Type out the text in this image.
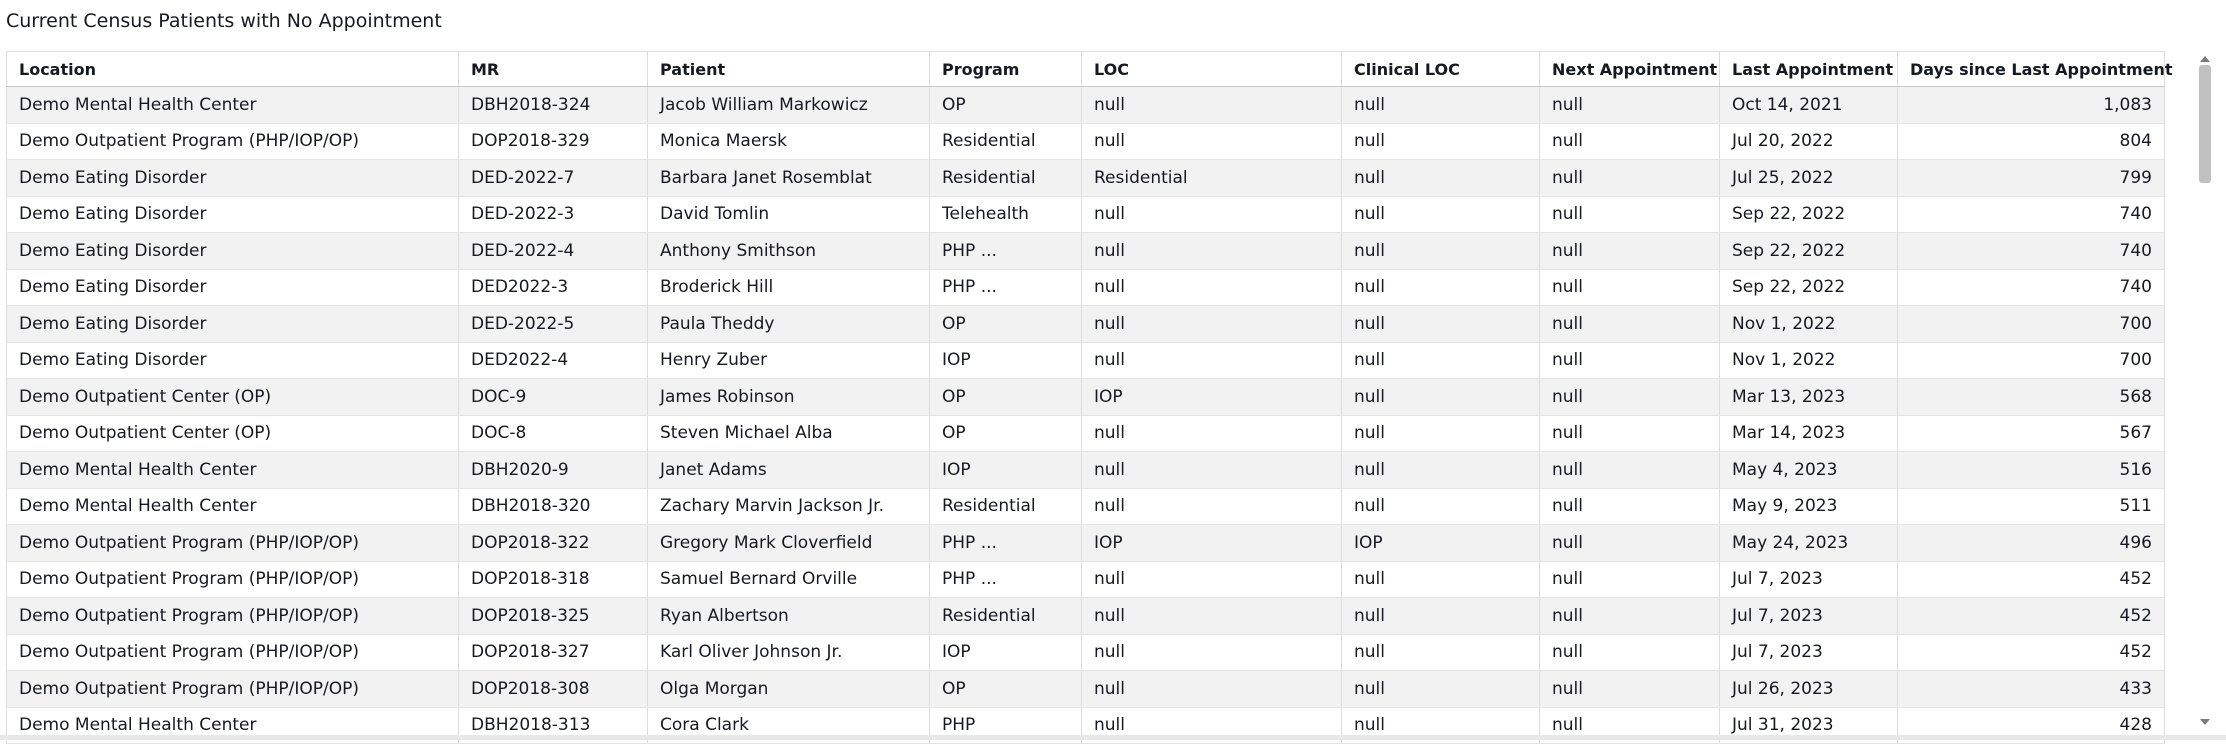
Current Census Patients with No Appointment
Location	MR	Patient	Program	LOC	Clinical LOC	Next Appointment	Last Appointment	Days since Last Appointment
Demo Mental Health Center	DBH2018-324	Jacob William Markowicz	OP	null	null	null	Oct 14, 2021	1,083
Demo Outpatient Program (PHP/IOP/OP)	DOP2018-329	Monica Maersk	Residential	null	null	null	Jul 20, 2022	804
Demo Eating Disorder	DED-2022-7	Barbara Janet Rosemblat	Residential	Residential	null	null	Jul 25, 2022	799
Demo Eating Disorder	DED-2022-3	David Tomlin	Telehealth	null	null	null	Sep 22, 2022	740
Demo Eating Disorder	DED-2022-4	Anthony Smithson	PHP ...	null	null	null	Sep 22, 2022	740
Demo Eating Disorder	DED2022-3	Broderick Hill	PHP ...	null	null	null	Sep 22, 2022	740
Demo Eating Disorder	DED-2022-5	Paula Theddy	OP	null	null	null	Nov 1, 2022	700
Demo Eating Disorder	DED2022-4	Henry Zuber	IOP	null	null	null	Nov 1, 2022	700
Demo Outpatient Center (OP)	DOC-9	James Robinson	OP	IOP	null	null	Mar 13, 2023	568
Demo Outpatient Center (OP)	DOC-8	Steven Michael Alba	OP	null	null	null	Mar 14, 2023	567
Demo Mental Health Center	DBH2020-9	Janet Adams	IOP	null	null	null	May 4, 2023	516
Demo Mental Health Center	DBH2018-320	Zachary Marvin Jackson Jr.	Residential	null	null	null	May 9, 2023	511
Demo Outpatient Program (PHP/IOP/OP)	DOP2018-322	Gregory Mark Cloverfield	PHP ...	IOP	IOP	null	May 24, 2023	496
Demo Outpatient Program (PHP/IOP/OP)	DOP2018-318	Samuel Bernard Orville	PHP ...	null	null	null	Jul 7, 2023	452
Demo Outpatient Program (PHP/IOP/OP)	DOP2018-325	Ryan Albertson	Residential	null	null	null	Jul 7, 2023	452
Demo Outpatient Program (PHP/IOP/OP)	DOP2018-327	Karl Oliver Johnson Jr.	IOP	null	null	null	Jul 7, 2023	452
Demo Outpatient Program (PHP/IOP/OP)	DOP2018-308	Olga Morgan	OP	null	null	null	Jul 26, 2023	433
Demo Mental Health Center	DBH2018-313	Cora Clark	PHP	null	null	null	Jul 31, 2023	428
